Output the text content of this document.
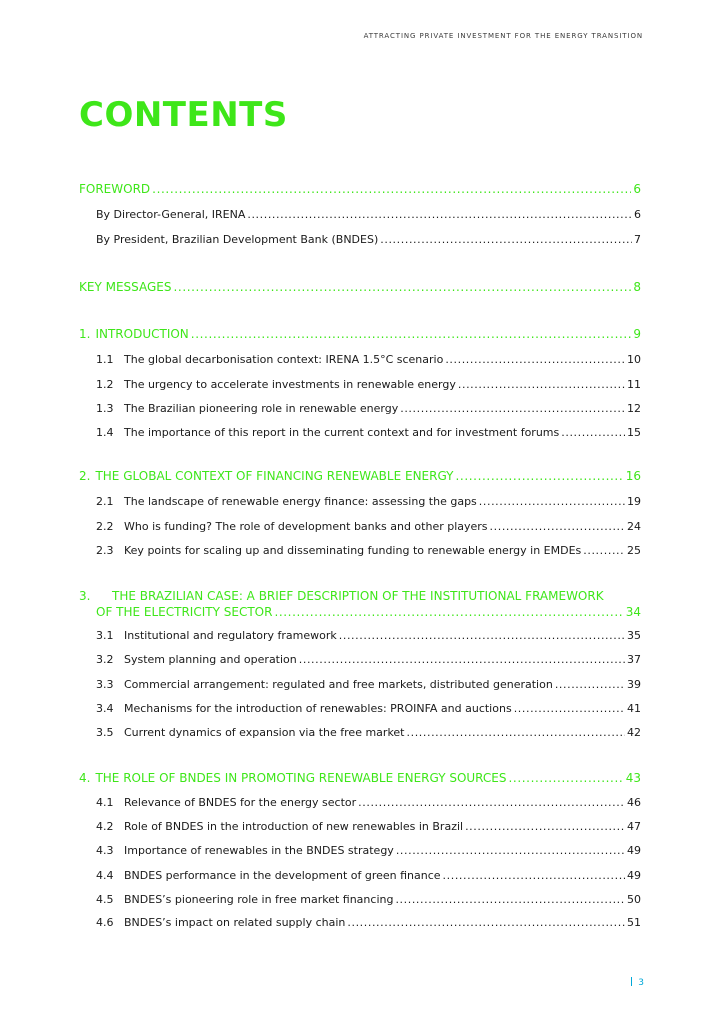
ATTRACTING PRIVATE INVESTMENT FOR THE ENERGY TRANSITION
CONTENTS
FOREWORD .....	6
By Director-General, IRENA .....	6
By President, Brazilian Development Bank (BNDES) .....	7
KEY MESSAGES .....	8
1. INTRODUCTION .....	9
1.1 The global decarbonisation context: IRENA 1.5°C scenario .....	10
1.2 The urgency to accelerate investments in renewable energy .....	11
1.3 The Brazilian pioneering role in renewable energy .....	12
1.4 The importance of this report in the current context and for investment forums .....	15
2. THE GLOBAL CONTEXT OF FINANCING RENEWABLE ENERGY .....	16
2.1 The landscape of renewable energy finance: assessing the gaps .....	19
2.2 Who is funding? The role of development banks and other players .....	24
2.3 Key points for scaling up and disseminating funding to renewable energy in EMDEs .....	25
3. THE BRAZILIAN CASE: A BRIEF DESCRIPTION OF THE INSTITUTIONAL FRAMEWORK
OF THE ELECTRICITY SECTOR .....	34
3.1 Institutional and regulatory framework .....	35
3.2 System planning and operation .....	37
3.3 Commercial arrangement: regulated and free markets, distributed generation .....	39
3.4 Mechanisms for the introduction of renewables: PROINFA and auctions .....	41
3.5 Current dynamics of expansion via the free market .....	42
4. THE ROLE OF BNDES IN PROMOTING RENEWABLE ENERGY SOURCES .....	43
4.1 Relevance of BNDES for the energy sector .....	46
4.2 Role of BNDES in the introduction of new renewables in Brazil .....	47
4.3 Importance of renewables in the BNDES strategy .....	49
4.4 BNDES performance in the development of green finance .....	49
4.5 BNDES’s pioneering role in free market financing .....	50
4.6 BNDES’s impact on related supply chain .....	51
3
